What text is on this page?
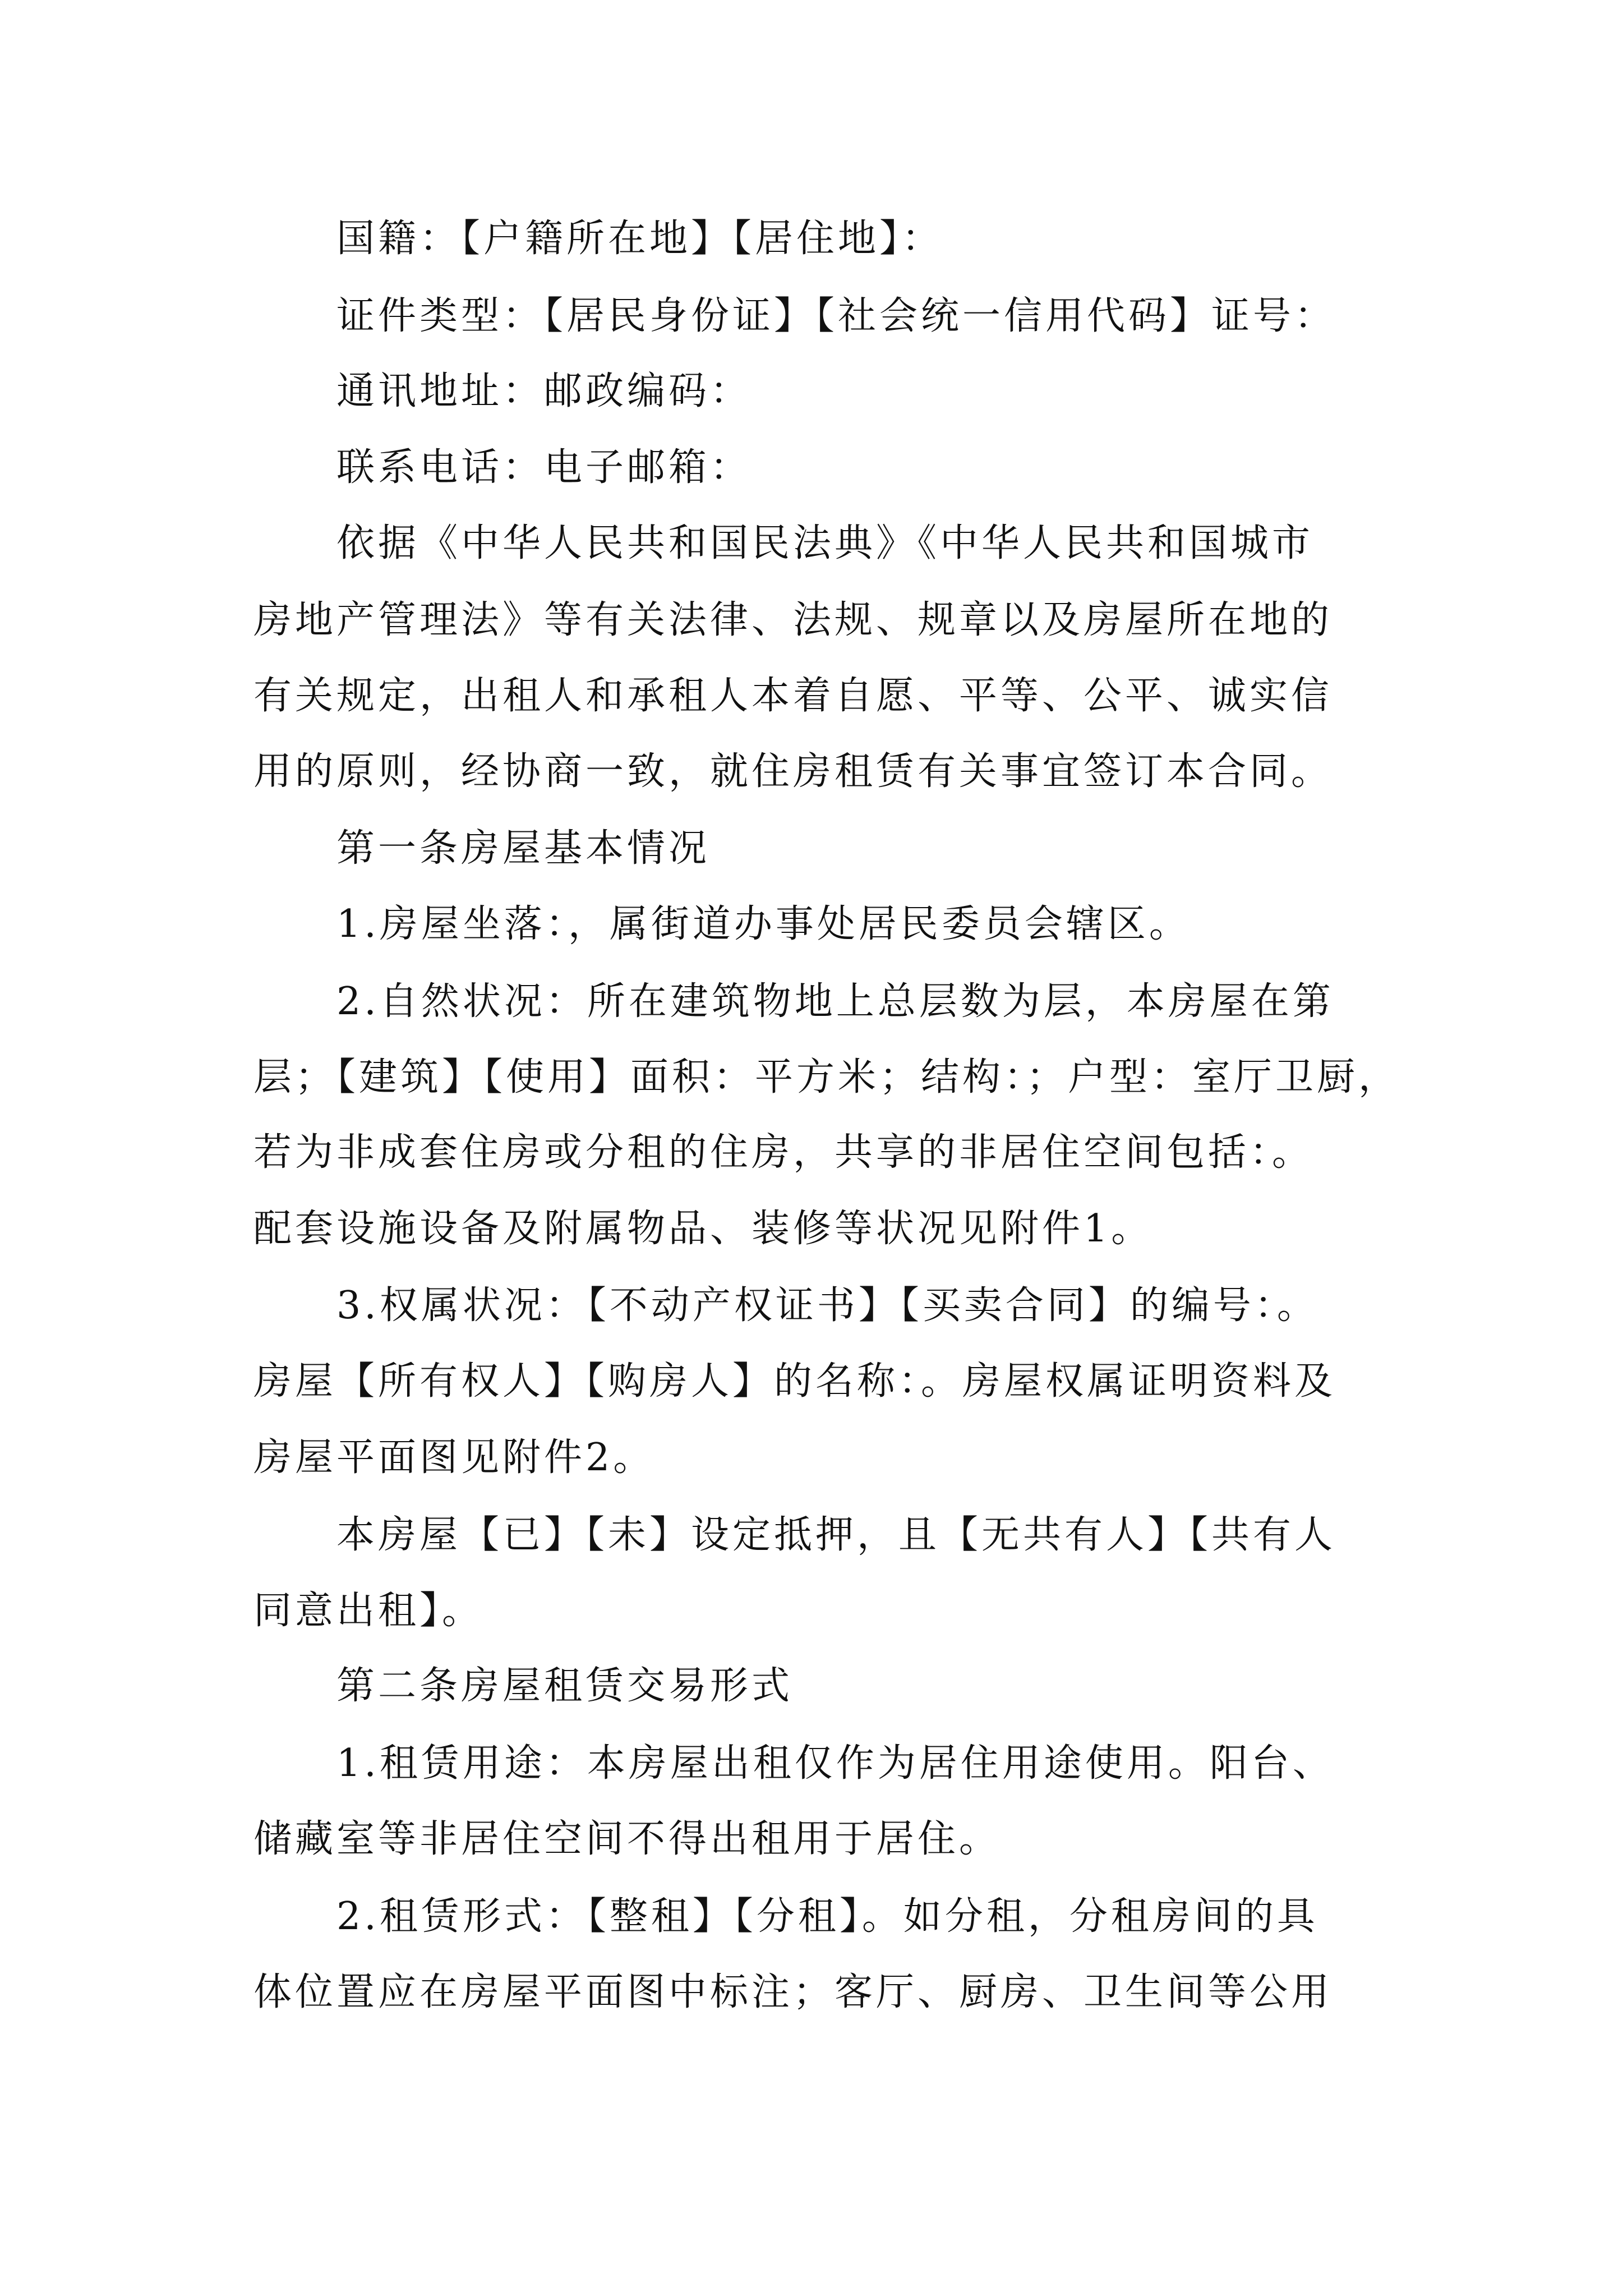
国籍：【户籍所在地】【居住地】：
证件类型：【居民身份证】【社会统一信用代码】证号：
通讯地址：邮政编码：
联系电话：电子邮箱：
依据《中华人民共和国民法典》《中华人民共和国城市
房地产管理法》等有关法律、法规、规章以及房屋所在地的
有关规定，出租人和承租人本着自愿、平等、公平、诚实信
用的原则，经协商一致，就住房租赁有关事宜签订本合同。
第一条房屋基本情况
1.房屋坐落：，属街道办事处居民委员会辖区。
2.自然状况：所在建筑物地上总层数为层，本房屋在第
层；【建筑】【使用】面积：平方米；结构：；户型：室厅卫厨，
若为非成套住房或分租的住房，共享的非居住空间包括：。
配套设施设备及附属物品、装修等状况见附件1。
3.权属状况：【不动产权证书】【买卖合同】的编号：。
房屋【所有权人】【购房人】的名称：。房屋权属证明资料及
房屋平面图见附件2。
本房屋【已】【未】设定抵押，且【无共有人】【共有人
同意出租】。
第二条房屋租赁交易形式
1.租赁用途：本房屋出租仅作为居住用途使用。阳台、
储藏室等非居住空间不得出租用于居住。
2.租赁形式：【整租】【分租】。如分租，分租房间的具
体位置应在房屋平面图中标注；客厅、厨房、卫生间等公用
